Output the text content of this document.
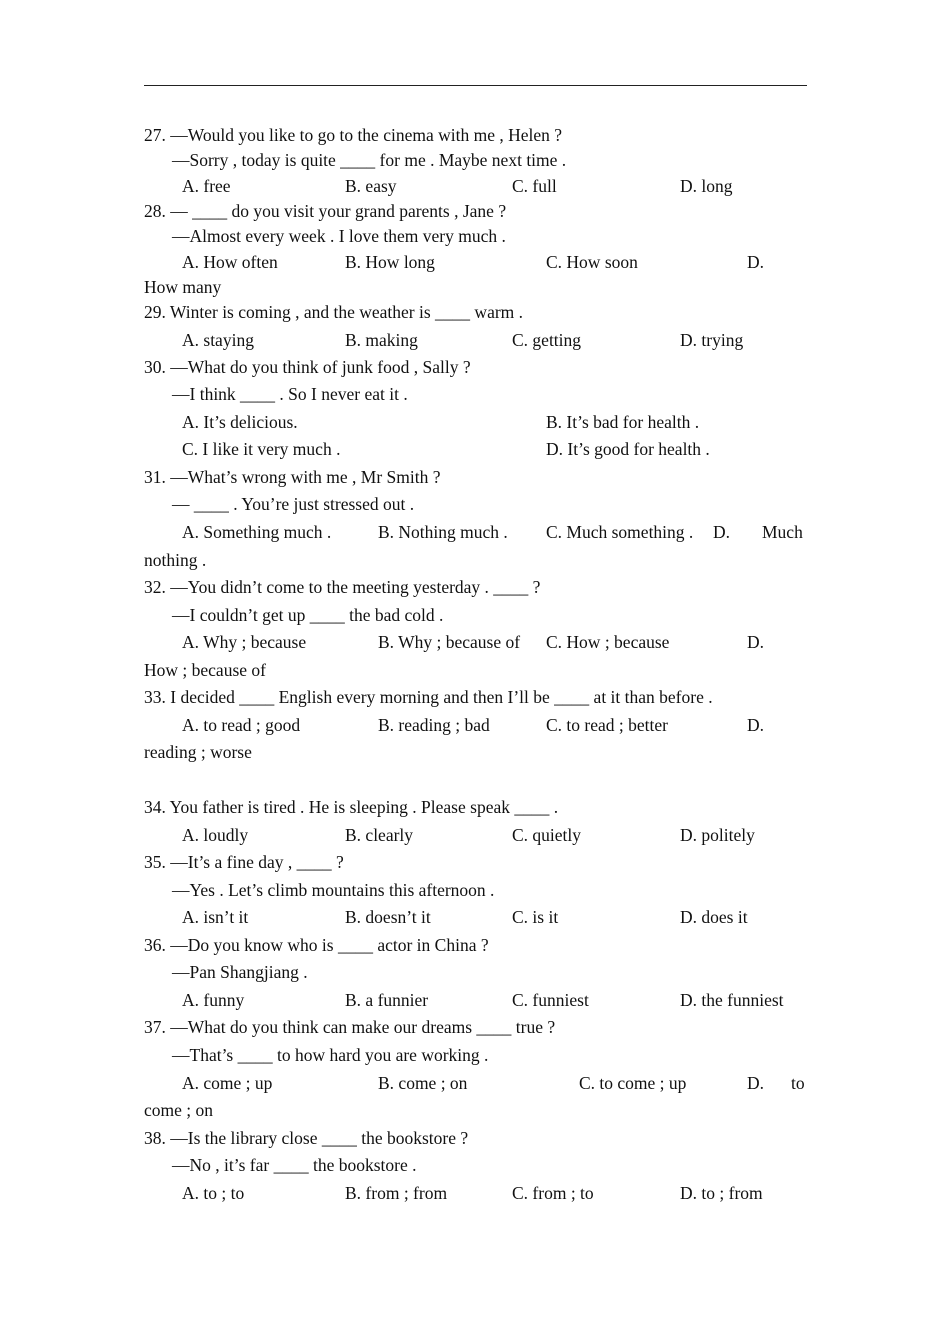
27. —Would you like to go to the cinema with me , Helen ?
—Sorry , today is quite ____ for me . Maybe next time .
A. free	B. easy	C. full	D. long
28. — ____ do you visit your grand parents , Jane ?
—Almost every week . I love them very much .
A. How often	B. How long	C. How soon	D.
How many
29. Winter is coming , and the weather is ____ warm .
A. staying	B. making	C. getting	D. trying
30. —What do you think of junk food , Sally ?
—I think ____ . So I never eat it .
A. It’s delicious.	B. It’s bad for health .
C. I like it very much .	D. It’s good for health .
31. —What’s wrong with me , Mr Smith ?
— ____ . You’re just stressed out .
A. Something much .	B. Nothing much . C. Much something . D. Much
nothing .
32. —You didn’t come to the meeting yesterday . ____ ?
—I couldn’t get up ____ the bad cold .
A. Why ; because	B. Why ; because of C. How ; because	D.
How ; because of
33. I decided ____ English every morning and then I’ll be ____ at it than before .
A. to read ; good	B. reading ; bad	C. to read ; better	D.
reading ; worse
34. You father is tired . He is sleeping . Please speak ____ .
A. loudly	B. clearly	C. quietly	D. politely
35. —It’s a fine day , ____ ?
—Yes . Let’s climb mountains this afternoon .
A. isn’t it	B. doesn’t it	C. is it	D. does it
36. —Do you know who is ____ actor in China ?
—Pan Shangjiang .
A. funny	B. a funnier	C. funniest	D. the funniest
37. —What do you think can make our dreams ____ true ?
—That’s ____ to how hard you are working .
A. come ; up	B. come ; on	C. to come ; up	D. to
come ; on
38. —Is the library close ____ the bookstore ?
—No , it’s far ____ the bookstore .
A. to ; to	B. from ; from	C. from ; to	D. to ; from
